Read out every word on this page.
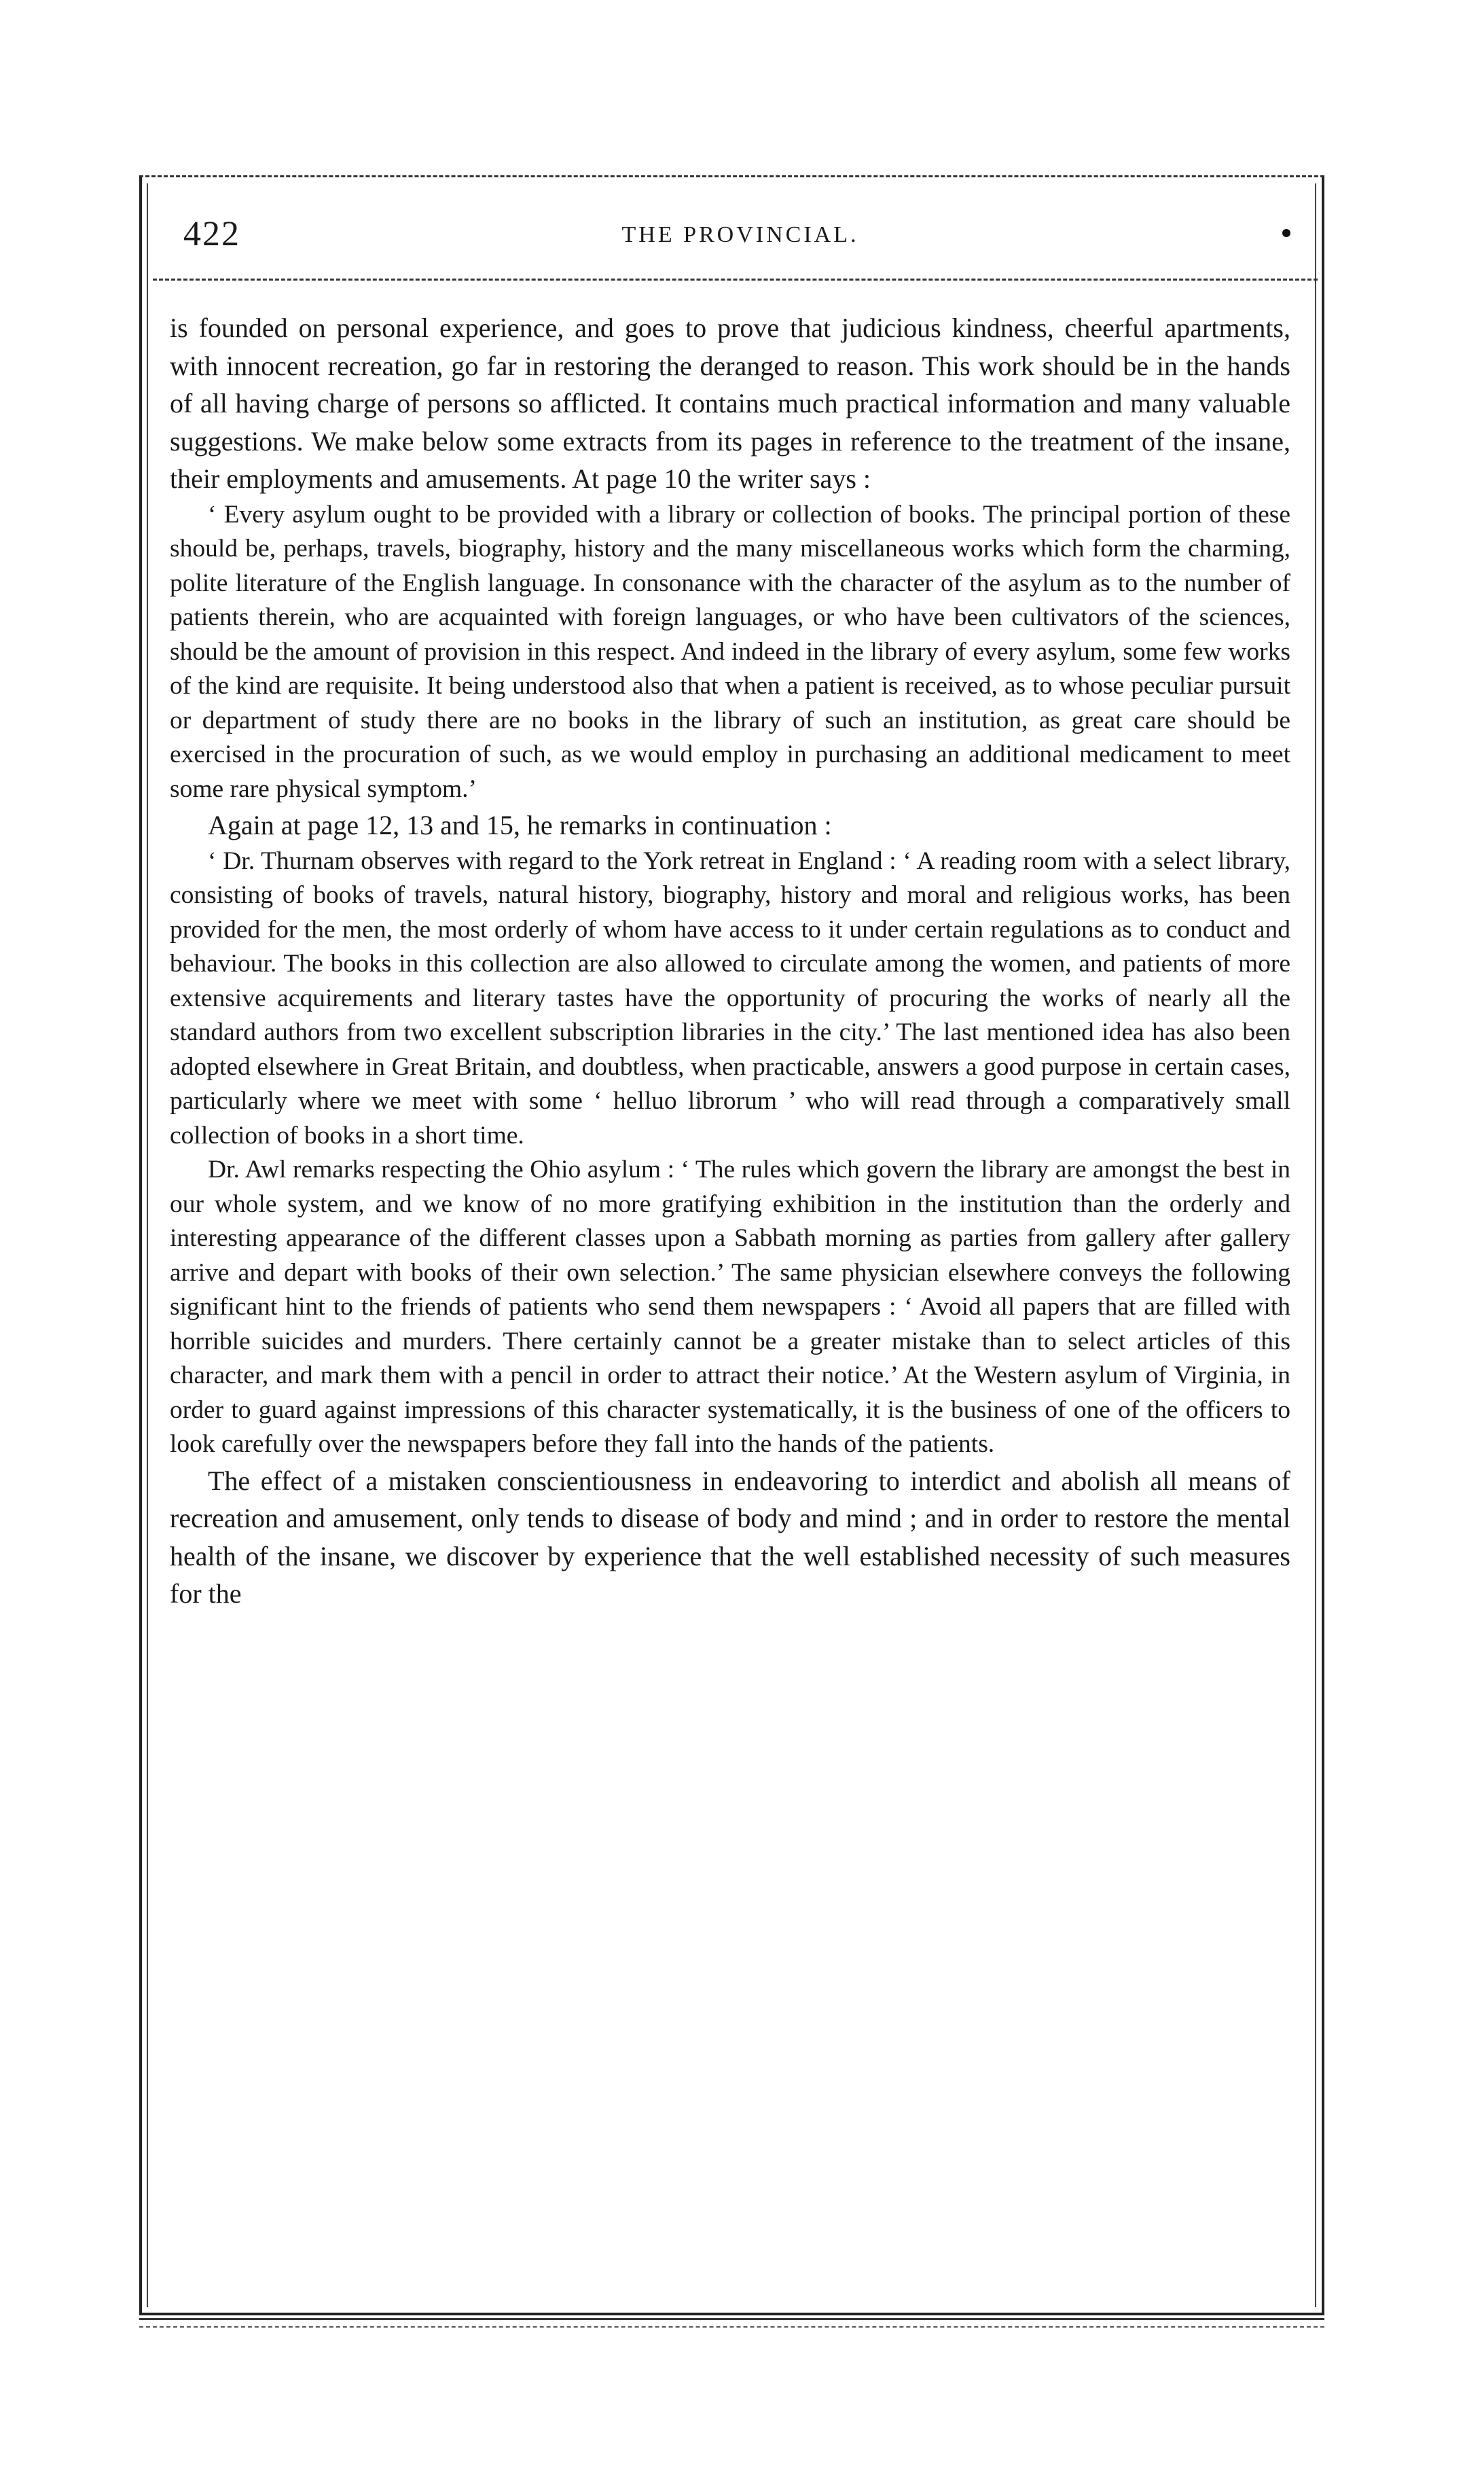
422	THE PROVINCIAL.

is founded on personal experience, and goes to prove that judicious kindness, cheerful apartments, with innocent recreation, go far in restoring the deranged to reason. This work should be in the hands of all having charge of persons so afflicted. It contains much practical information and many valuable suggestions. We make below some extracts from its pages in reference to the treatment of the insane, their employments and amusements. At page 10 the writer says :

‘ Every asylum ought to be provided with a library or collection of books. The principal portion of these should be, perhaps, travels, biography, history and the many miscellaneous works which form the charming, polite literature of the English language. In consonance with the character of the asylum as to the number of patients therein, who are acquainted with foreign languages, or who have been cultivators of the sciences, should be the amount of provision in this respect. And indeed in the library of every asylum, some few works of the kind are requisite. It being understood also that when a patient is received, as to whose peculiar pursuit or department of study there are no books in the library of such an institution, as great care should be exercised in the procuration of such, as we would employ in purchasing an additional medicament to meet some rare physical symptom.’

Again at page 12, 13 and 15, he remarks in continuation :

‘ Dr. Thurnam observes with regard to the York retreat in England : ‘ A reading room with a select library, consisting of books of travels, natural history, biography, history and moral and religious works, has been provided for the men, the most orderly of whom have access to it under certain regulations as to conduct and behaviour. The books in this collection are also allowed to circulate among the women, and patients of more extensive acquirements and literary tastes have the opportunity of procuring the works of nearly all the standard authors from two excellent subscription libraries in the city.’ The last mentioned idea has also been adopted elsewhere in Great Britain, and doubtless, when practicable, answers a good purpose in certain cases, particularly where we meet with some ‘ helluo librorum ’ who will read through a comparatively small collection of books in a short time.

Dr. Awl remarks respecting the Ohio asylum : ‘ The rules which govern the library are amongst the best in our whole system, and we know of no more gratifying exhibition in the institution than the orderly and interesting appearance of the different classes upon a Sabbath morning as parties from gallery after gallery arrive and depart with books of their own selection.’ The same physician elsewhere conveys the following significant hint to the friends of patients who send them newspapers : ‘ Avoid all papers that are filled with horrible suicides and murders. There certainly cannot be a greater mistake than to select articles of this character, and mark them with a pencil in order to attract their notice.’ At the Western asylum of Virginia, in order to guard against impressions of this character systematically, it is the business of one of the officers to look carefully over the newspapers before they fall into the hands of the patients.

The effect of a mistaken conscientiousness in endeavoring to interdict and abolish all means of recreation and amusement, only tends to disease of body and mind ; and in order to restore the mental health of the insane, we discover by experience that the well established necessity of such measures for the
